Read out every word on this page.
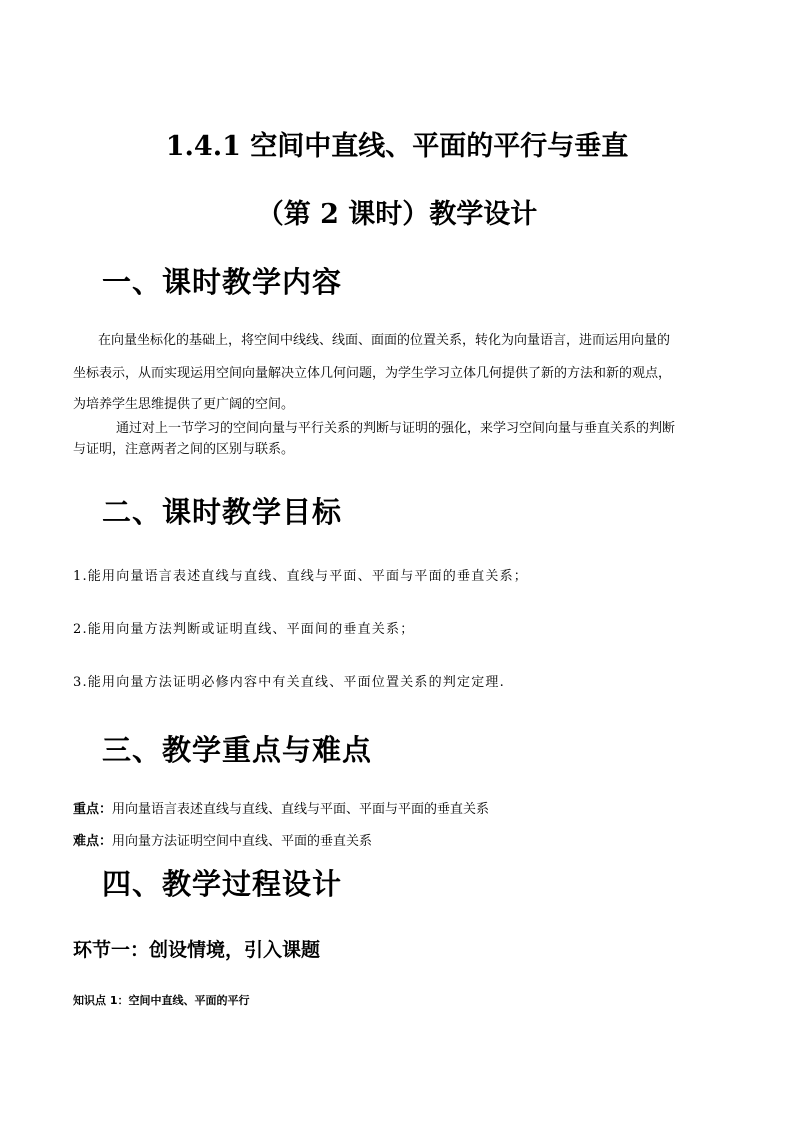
1.4.1 空间中直线、平面的平行与垂直
（第 2 课时）教学设计
一、课时教学内容
在向量坐标化的基础上，将空间中线线、线面、面面的位置关系，转化为向量语言，进而运用向量的
坐标表示，从而实现运用空间向量解决立体几何问题，为学生学习立体几何提供了新的方法和新的观点，
为培养学生思维提供了更广阔的空间。
通过对上一节学习的空间向量与平行关系的判断与证明的强化，来学习空间向量与垂直关系的判断
与证明，注意两者之间的区别与联系。
二、课时教学目标
1.能用向量语言表述直线与直线、直线与平面、平面与平面的垂直关系；
2.能用向量方法判断或证明直线、平面间的垂直关系；
3.能用向量方法证明必修内容中有关直线、平面位置关系的判定定理.
三、教学重点与难点
重点：用向量语言表述直线与直线、直线与平面、平面与平面的垂直关系
难点：用向量方法证明空间中直线、平面的垂直关系
四、教学过程设计
环节一：创设情境，引入课题
知识点 1：空间中直线、平面的平行
